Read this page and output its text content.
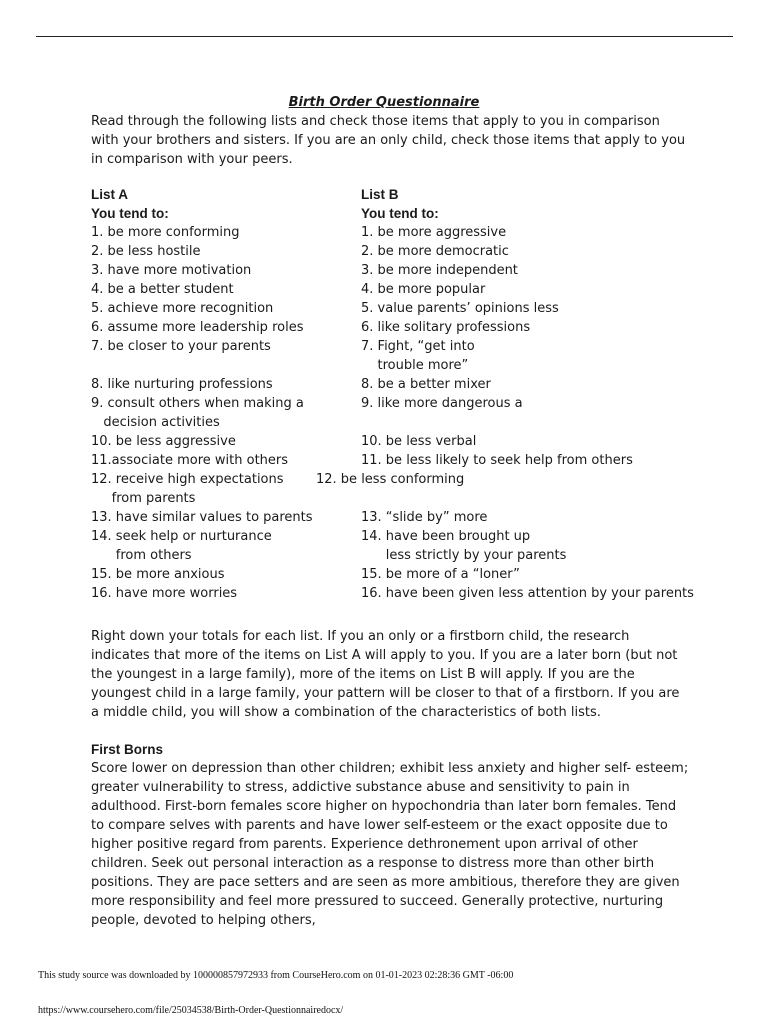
Birth Order Questionnaire

Read through the following lists and check those items that apply to you in comparison with your brothers and sisters. If you are an only child, check those items that apply to you in comparison with your peers.

List A
You tend to:
1. be more conforming
2. be less hostile
3. have more motivation
4. be a better student
5. achieve more recognition
6. assume more leadership roles
7. be closer to your parents

8. like nurturing professions
9. consult others when making a
decision activities
10. be less aggressive
11.associate more with others
12. receive high expectations
from parents
13. have similar values to parents
14. seek help or nurturance
from others
15. be more anxious
16. have more worries
List B
You tend to:
1. be more aggressive
2. be more democratic
3. be more independent
4. be more popular
5. value parents’ opinions less
6. like solitary professions
7. Fight, “get into
trouble more”
8. be a better mixer
9. like more dangerous a

10. be less verbal
11. be less likely to seek help from others
12. be less conforming

13. “slide by” more
14. have been brought up
less strictly by your parents
15. be more of a “loner”
16. have been given less attention by your parents

Right down your totals for each list. If you an only or a firstborn child, the research indicates that more of the items on List A will apply to you. If you are a later born (but not the youngest in a large family), more of the items on List B will apply. If you are the youngest child in a large family, your pattern will be closer to that of a firstborn. If you are a middle child, you will show a combination of the characteristics of both lists.

First Borns

Score lower on depression than other children; exhibit less anxiety and higher self- esteem; greater vulnerability to stress, addictive substance abuse and sensitivity to pain in adulthood. First-born females score higher on hypochondria than later born females. Tend to compare selves with parents and have lower self-esteem or the exact opposite due to higher positive regard from parents. Experience dethronement upon arrival of other children. Seek out personal interaction as a response to distress more than other birth positions. They are pace setters and are seen as more ambitious, therefore they are given more responsibility and feel more pressured to succeed. Generally protective, nurturing people, devoted to helping others,

This study source was downloaded by 100000857972933 from CourseHero.com on 01-01-2023 02:28:36 GMT -06:00
https://www.coursehero.com/file/25034538/Birth-Order-Questionnairedocx/
